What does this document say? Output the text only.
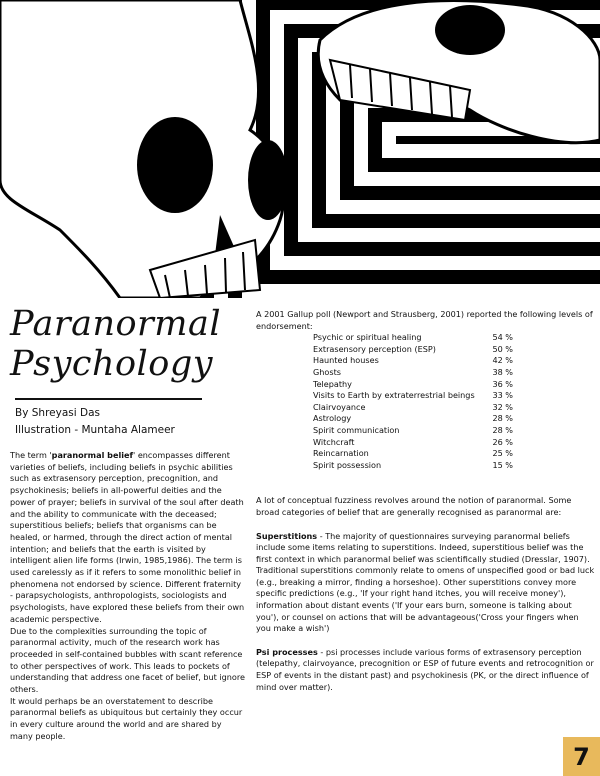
Paranormal
Psychology
By Shreyasi Das
Illustration - Muntaha Alameer

The term 'paranormal belief' encompasses different varieties of beliefs, including beliefs in psychic abilities such as extrasensory perception, precognition, and psychokinesis; beliefs in all-powerful deities and the power of prayer; beliefs in survival of the soul after death and the ability to communicate with the deceased; superstitious beliefs; beliefs that organisms can be healed, or harmed, through the direct action of mental intention; and beliefs that the earth is visited by intelligent alien life forms (Irwin, 1985,1986). The term is used carelessly as if it refers to some monolithic belief in phenomena not endorsed by science. Different fraternity - parapsychologists, anthropologists, sociologists and psychologists, have explored these beliefs from their own academic perspective.

Due to the complexities surrounding the topic of paranormal activity, much of the research work has proceeded in self-contained bubbles with scant reference to other perspectives of work. This leads to pockets of understanding that address one facet of belief, but ignore others.

It would perhaps be an overstatement to describe paranormal beliefs as ubiquitous but certainly they occur in every culture around the world and are shared by many people.

A 2001 Gallup poll (Newport and Strausberg, 2001) reported the following levels of endorsement:

Psychic or spiritual healing	54 %
Extrasensory perception (ESP)	50 %
Haunted houses	42 %
Ghosts	38 %
Telepathy	36 %
Visits to Earth by extraterrestrial beings 33 %
Clairvoyance	32 %
Astrology	28 %
Spirit communication	28 %
Witchcraft	26 %
Reincarnation	25 %
Spirit possession	15 %

A lot of conceptual fuzziness revolves around the notion of paranormal. Some broad categories of belief that are generally recognised as paranormal are:

Superstitions - The majority of questionnaires surveying paranormal beliefs include some items relating to superstitions. Indeed, superstitious belief was the first context in which paranormal belief was scientifically studied (Dresslar, 1907). Traditional superstitions commonly relate to omens of unspecified good or bad luck (e.g., breaking a mirror, finding a horseshoe). Other superstitions convey more specific predictions (e.g., 'If your right hand itches, you will receive money'), information about distant events ('If your ears burn, someone is talking about you'), or counsel on actions that will be advantageous('Cross your fingers when you make a wish')

Psi processes - psi processes include various forms of extrasensory perception (telepathy, clairvoyance, precognition or ESP of future events and retrocognition or ESP of events in the distant past) and psychokinesis (PK, or the direct influence of mind over matter).

7
